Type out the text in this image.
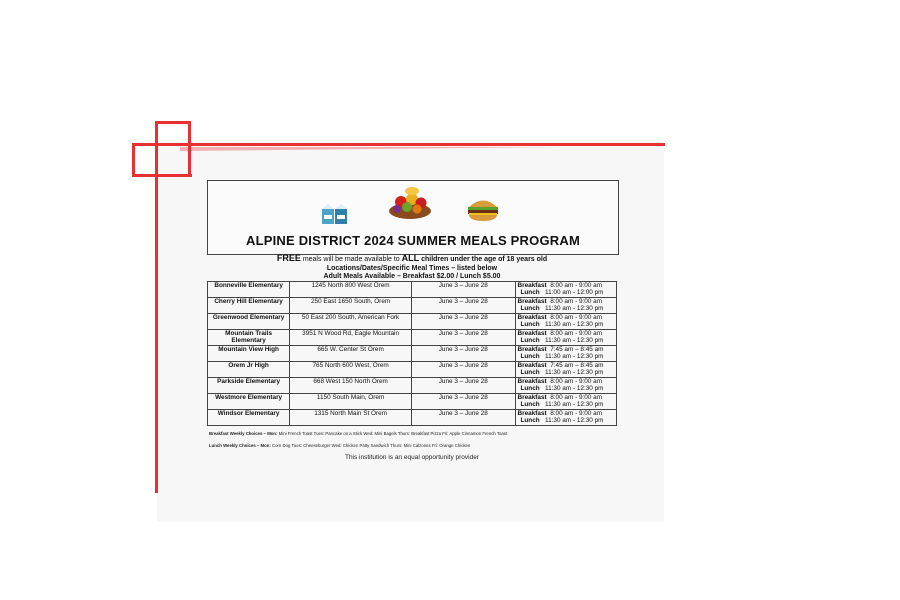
ALPINE DISTRICT 2024 SUMMER MEALS PROGRAM
FREE meals will be made available to ALL children under the age of 18 years old
Locations/Dates/Specific Meal Times – listed below
Adult Meals Available – Breakfast $2.00 / Lunch $5.00
Bonneville Elementary	1245 North 800 West Orem	June 3 – June 28	Breakfast 8:00 am - 9:00 am
Lunch 11:00 am - 12:00 pm

Cherry Hill Elementary	250 East 1650 South, Orem	June 3 – June 28	Breakfast 8:00 am - 9:00 am
Lunch 11:30 am - 12:30 pm

Greenwood Elementary	50 East 200 South, American Fork	June 3 – June 28	Breakfast 8:00 am - 9:00 am
Lunch 11:30 am - 12:30 pm

Mountain Trails Elementary	3951 N Wood Rd, Eagle Mountain	June 3 – June 28	Breakfast 8:00 am - 9:00 am
Lunch 11:30 am - 12:30 pm

Mountain View High	665 W. Center St Orem	June 3 – June 28	Breakfast 7:45 am – 8:45 am
Lunch 11:30 am - 12:30 pm

Orem Jr High	765 North 600 West, Orem	June 3 – June 28	Breakfast 7:45 am – 8:45 am
Lunch 11:30 am - 12:30 pm

Parkside Elementary	668 West 150 North Orem	June 3 – June 28	Breakfast 8:00 am - 9:00 am
Lunch 11:30 am - 12:30 pm

Westmore Elementary	1150 South Main, Orem	June 3 – June 28	Breakfast 8:00 am - 9:00 am
Lunch 11:30 am - 12:30 pm

Windsor Elementary	1315 North Main St Orem	June 3 – June 28	Breakfast 8:00 am - 9:00 am
Lunch 11:30 am - 12:30 pm
Breakfast Weekly Choices – Mon: Mini French Toast Tues: Pancake on a Stick Wed: Mini Bagels Thurs: Breakfast Pizza Fri: Apple Cinnamon French Toast
Lunch Weekly Choices – Mon: Corn Dog Tues: Cheeseburger Wed: Chicken Patty Sandwich Thurs: Mini Calzones Fri: Orange Chicken
This institution is an equal opportunity provider
